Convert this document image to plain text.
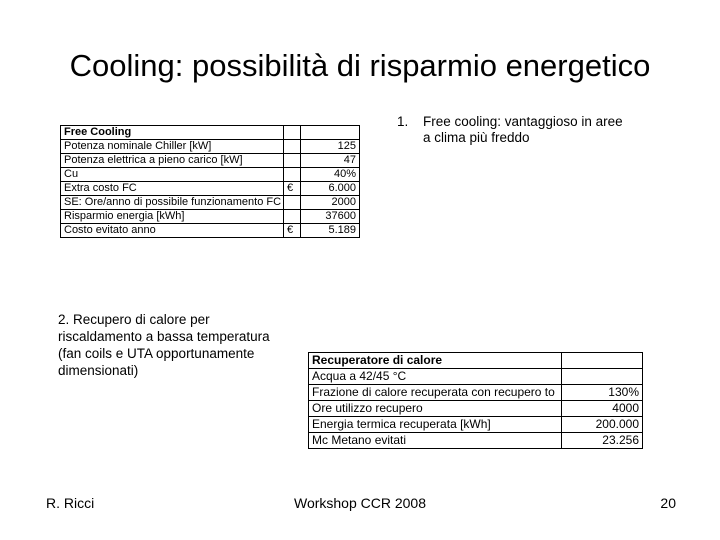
Cooling: possibilità di risparmio energetico
1. Free cooling: vantaggioso in aree a clima più freddo
Free Cooling		
Potenza nominale Chiller [kW]		125
Potenza elettrica a pieno carico [kW]		47
Cu		40%
Extra costo FC	€	6.000
SE: Ore/anno di possibile funzionamento FC		2000
Risparmio energia [kWh]		37600
Costo evitato anno	€	5.189
2. Recupero di calore per riscaldamento a bassa temperatura (fan coils e UTA opportunamente dimensionati)
Recuperatore di calore	
Acqua a 42/45 °C	
Frazione di calore recuperata con recupero to	130%
Ore utilizzo recupero	4000
Energia termica recuperata [kWh]	200.000
Mc Metano evitati	23.256
R. Ricci	Workshop CCR 2008	20
